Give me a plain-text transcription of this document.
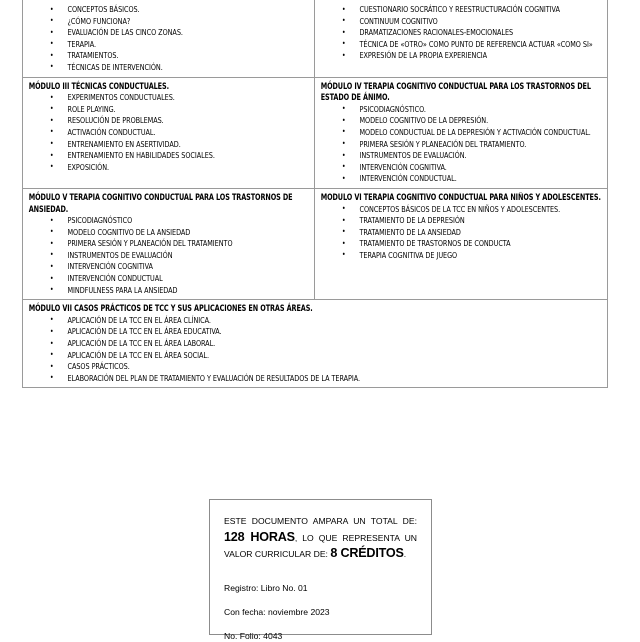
• CONCEPTOS BÁSICOS.
• ¿CÓMO FUNCIONA?
• EVALUACIÓN DE LAS CINCO ZONAS.
• TERAPIA.
• TRATAMIENTOS.
• TÉCNICAS DE INTERVENCIÓN.

• CUESTIONARIO SOCRÁTICO Y REESTRUCTURACIÓN COGNITIVA
• CONTINUUM COGNITIVO
• DRAMATIZACIONES RACIONALES-EMOCIONALES
• TÉCNICA DE «OTRO» COMO PUNTO DE REFERENCIA ACTUAR «COMO SI»
• EXPRESIÓN DE LA PROPIA EXPERIENCIA

MÓDULO III TÉCNICAS CONDUCTUALES.
• EXPERIMENTOS CONDUCTUALES.
• ROLE PLAYING.
• RESOLUCIÓN DE PROBLEMAS.
• ACTIVACIÓN CONDUCTUAL.
• ENTRENAMIENTO EN ASERTIVIDAD.
• ENTRENAMIENTO EN HABILIDADES SOCIALES.
• EXPOSICIÓN.

MÓDULO IV TERAPIA COGNITIVO CONDUCTUAL PARA LOS TRASTORNOS DEL ESTADO DE ÁNIMO.
• PSICODIAGNÓSTICO.
• MODELO COGNITIVO DE LA DEPRESIÓN.
• MODELO CONDUCTUAL DE LA DEPRESIÓN Y ACTIVACIÓN CONDUCTUAL.
• PRIMERA SESIÓN Y PLANEACIÓN DEL TRATAMIENTO.
• INSTRUMENTOS DE EVALUACIÓN.
• INTERVENCIÓN COGNITIVA.
• INTERVENCIÓN CONDUCTUAL.

MÓDULO V TERAPIA COGNITIVO CONDUCTUAL PARA LOS TRASTORNOS DE ANSIEDAD.
• PSICODIAGNÓSTICO
• MODELO COGNITIVO DE LA ANSIEDAD
• PRIMERA SESIÓN Y PLANEACIÓN DEL TRATAMIENTO
• INSTRUMENTOS DE EVALUACIÓN
• INTERVENCIÓN COGNITIVA
• INTERVENCIÓN CONDUCTUAL
• MINDFULNESS PARA LA ANSIEDAD

MODULO VI TERAPIA COGNITIVO CONDUCTUAL PARA NIÑOS Y ADOLESCENTES.
• CONCEPTOS BÁSICOS DE LA TCC EN NIÑOS Y ADOLESCENTES.
• TRATAMIENTO DE LA DEPRESIÓN
• TRATAMIENTO DE LA ANSIEDAD
• TRATAMIENTO DE TRASTORNOS DE CONDUCTA
• TERAPIA COGNITIVA DE JUEGO

MÓDULO VII CASOS PRÁCTICOS DE TCC Y SUS APLICACIONES EN OTRAS ÁREAS.
• APLICACIÓN DE LA TCC EN EL ÁREA CLÍNICA.
• APLICACIÓN DE LA TCC EN EL ÁREA EDUCATIVA.
• APLICACIÓN DE LA TCC EN EL ÁREA LABORAL.
• APLICACIÓN DE LA TCC EN EL ÁREA SOCIAL.
• CASOS PRÁCTICOS.
• ELABORACIÓN DEL PLAN DE TRATAMIENTO Y EVALUACIÓN DE RESULTADOS DE LA TERAPIA.

ESTE DOCUMENTO AMPARA UN TOTAL DE: 128 HORAS, LO QUE REPRESENTA UN VALOR CURRICULAR DE: 8 CRÉDITOS.

Registro: Libro No. 01
Con fecha: noviembre 2023
No. Folio: 4043
